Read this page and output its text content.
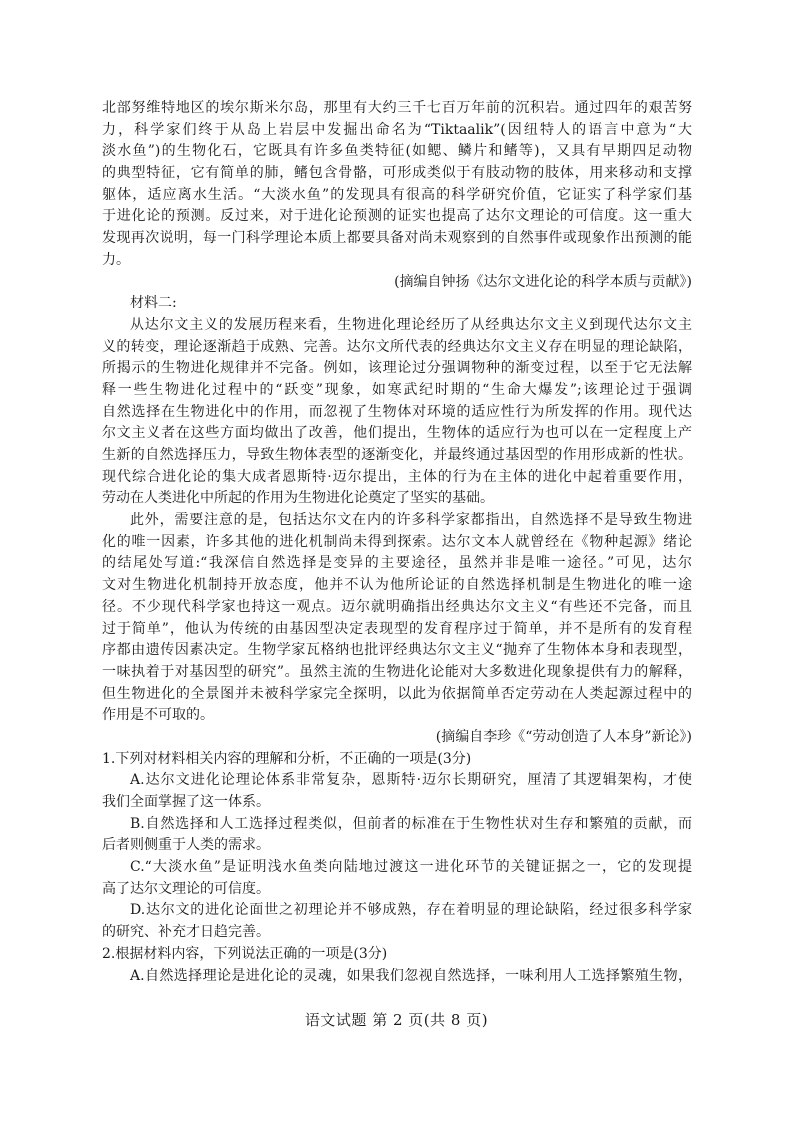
北部努维特地区的埃尔斯米尔岛，那里有大约三千七百万年前的沉积岩。通过四年的艰苦努
力，科学家们终于从岛上岩层中发掘出命名为“Tiktaalik”(因纽特人的语言中意为“大
淡水鱼”)的生物化石，它既具有许多鱼类特征(如鳃、鳞片和鳍等)，又具有早期四足动物
的典型特征，它有简单的肺，鳍包含骨骼，可形成类似于有肢动物的肢体，用来移动和支撑
躯体，适应离水生活。“大淡水鱼”的发现具有很高的科学研究价值，它证实了科学家们基
于进化论的预测。反过来，对于进化论预测的证实也提高了达尔文理论的可信度。这一重大
发现再次说明，每一门科学理论本质上都要具备对尚未观察到的自然事件或现象作出预测的能
力。
(摘编自钟扬《达尔文进化论的科学本质与贡献》)
材料二:
从达尔文主义的发展历程来看，生物进化理论经历了从经典达尔文主义到现代达尔文主
义的转变，理论逐渐趋于成熟、完善。达尔文所代表的经典达尔文主义存在明显的理论缺陷，
所揭示的生物进化规律并不完备。例如，该理论过分强调物种的渐变过程，以至于它无法解
释一些生物进化过程中的“跃变”现象，如寒武纪时期的“生命大爆发”;该理论过于强调
自然选择在生物进化中的作用，而忽视了生物体对环境的适应性行为所发挥的作用。现代达
尔文主义者在这些方面均做出了改善，他们提出，生物体的适应行为也可以在一定程度上产
生新的自然选择压力，导致生物体表型的逐渐变化，并最终通过基因型的作用形成新的性状。
现代综合进化论的集大成者恩斯特·迈尔提出，主体的行为在主体的进化中起着重要作用，
劳动在人类进化中所起的作用为生物进化论奠定了坚实的基础。
此外，需要注意的是，包括达尔文在内的许多科学家都指出，自然选择不是导致生物进
化的唯一因素，许多其他的进化机制尚未得到探索。达尔文本人就曾经在《物种起源》绪论
的结尾处写道:“我深信自然选择是变异的主要途径，虽然并非是唯一途径。”可见，达尔
文对生物进化机制持开放态度，他并不认为他所论证的自然选择机制是生物进化的唯一途
径。不少现代科学家也持这一观点。迈尔就明确指出经典达尔文主义“有些还不完备，而且
过于简单”，他认为传统的由基因型决定表现型的发育程序过于简单，并不是所有的发育程
序都由遗传因素决定。生物学家瓦格纳也批评经典达尔文主义“抛弃了生物体本身和表现型，
一味执着于对基因型的研究”。虽然主流的生物进化论能对大多数进化现象提供有力的解释，
但生物进化的全景图并未被科学家完全探明，以此为依据简单否定劳动在人类起源过程中的
作用是不可取的。
(摘编自李珍《“劳动创造了人本身”新论》)
1.下列对材料相关内容的理解和分析，不正确的一项是(3分)
A.达尔文进化论理论体系非常复杂，恩斯特·迈尔长期研究，厘清了其逻辑架构，才使
我们全面掌握了这一体系。
B.自然选择和人工选择过程类似，但前者的标准在于生物性状对生存和繁殖的贡献，而
后者则侧重于人类的需求。
C.“大淡水鱼”是证明浅水鱼类向陆地过渡这一进化环节的关键证据之一，它的发现提
高了达尔文理论的可信度。
D.达尔文的进化论面世之初理论并不够成熟，存在着明显的理论缺陷，经过很多科学家
的研究、补充才日趋完善。
2.根据材料内容，下列说法正确的一项是(3分)
A.自然选择理论是进化论的灵魂，如果我们忽视自然选择，一味利用人工选择繁殖生物，
语文试题 第 2 页(共 8 页)
